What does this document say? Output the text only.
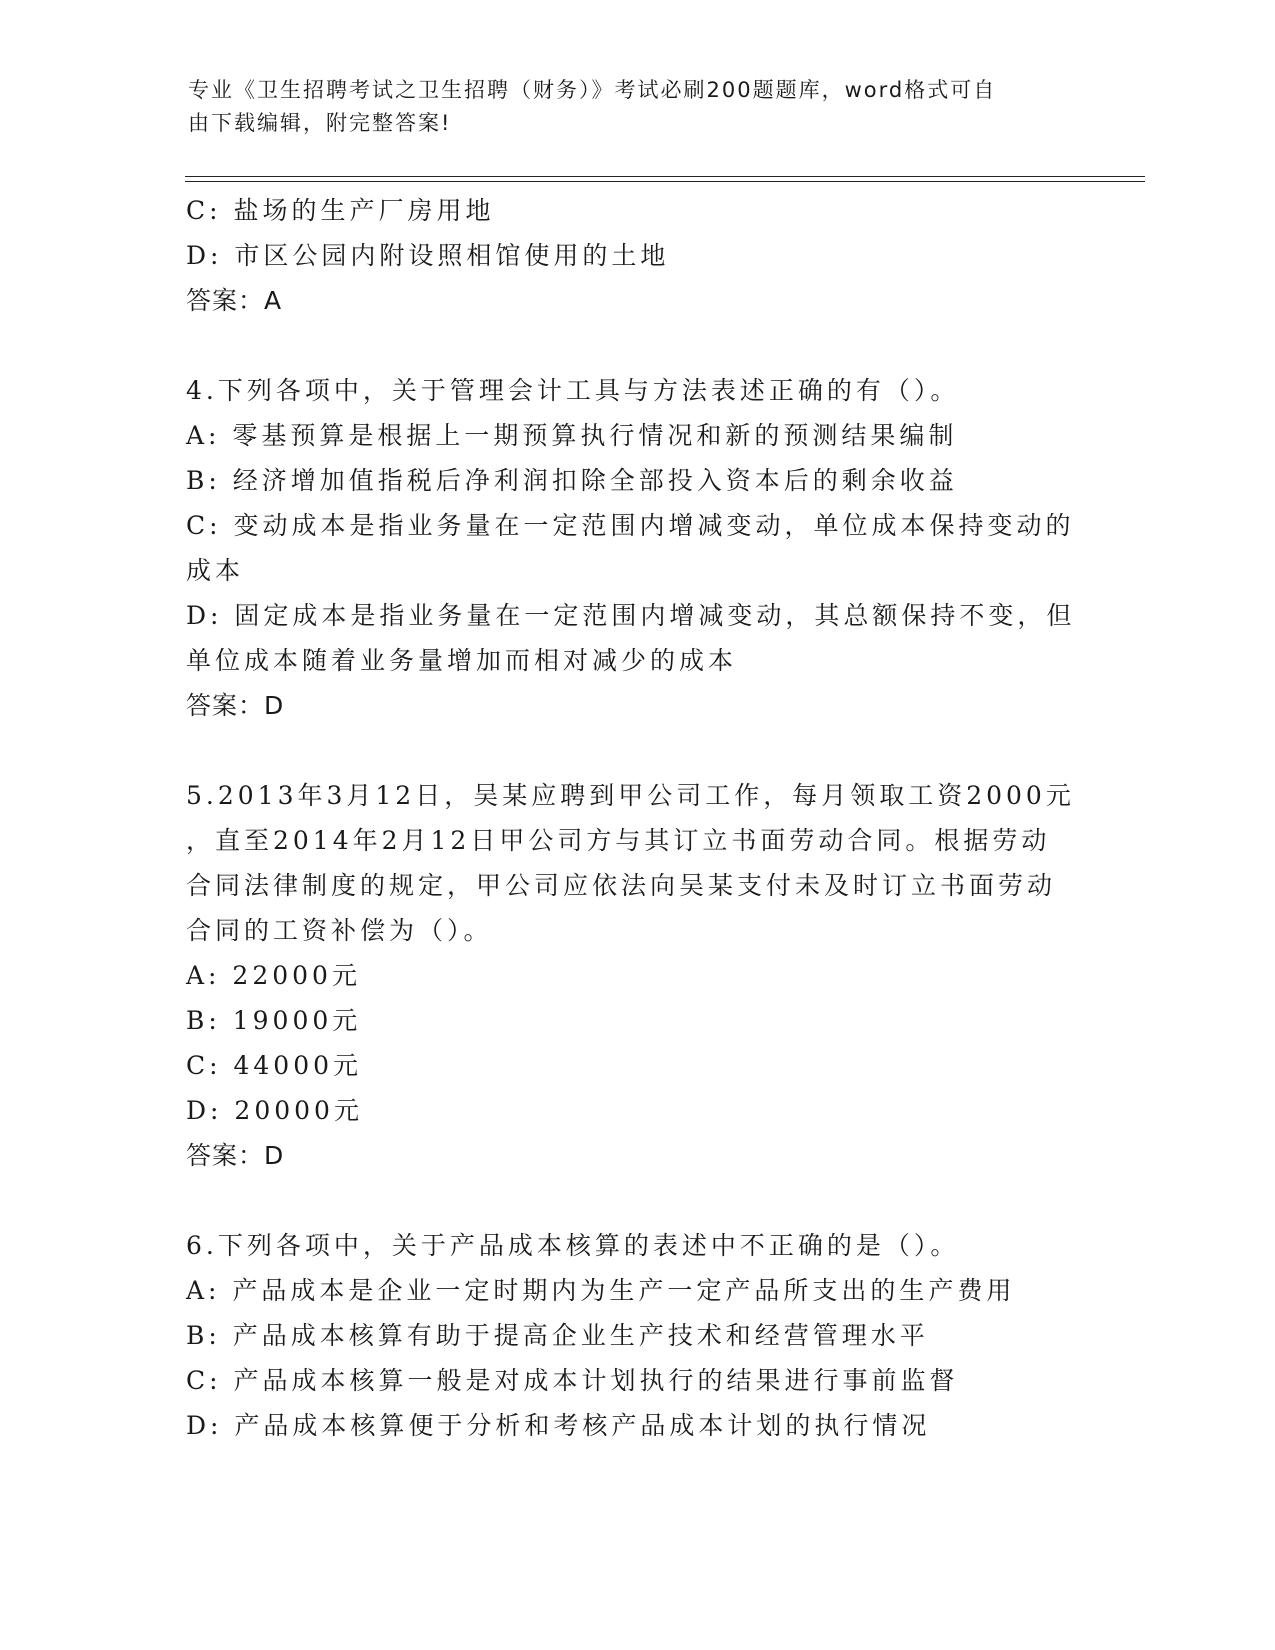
专业《卫生招聘考试之卫生招聘（财务）》考试必刷200题题库，word格式可自
由下载编辑，附完整答案!
C: 盐场的生产厂房用地
D: 市区公园内附设照相馆使用的土地
答案：A
4.下列各项中，关于管理会计工具与方法表述正确的有（）。
A: 零基预算是根据上一期预算执行情况和新的预测结果编制
B: 经济增加值指税后净利润扣除全部投入资本后的剩余收益
C: 变动成本是指业务量在一定范围内增减变动，单位成本保持变动的
成本
D: 固定成本是指业务量在一定范围内增减变动，其总额保持不变，但
单位成本随着业务量增加而相对减少的成本
答案：D
5.2013年3月12日，吴某应聘到甲公司工作，每月领取工资2000元
，直至2014年2月12日甲公司方与其订立书面劳动合同。根据劳动
合同法律制度的规定，甲公司应依法向吴某支付未及时订立书面劳动
合同的工资补偿为（）。
A: 22000元
B: 19000元
C: 44000元
D: 20000元
答案：D
6.下列各项中，关于产品成本核算的表述中不正确的是（）。
A: 产品成本是企业一定时期内为生产一定产品所支出的生产费用
B: 产品成本核算有助于提高企业生产技术和经营管理水平
C: 产品成本核算一般是对成本计划执行的结果进行事前监督
D: 产品成本核算便于分析和考核产品成本计划的执行情况
